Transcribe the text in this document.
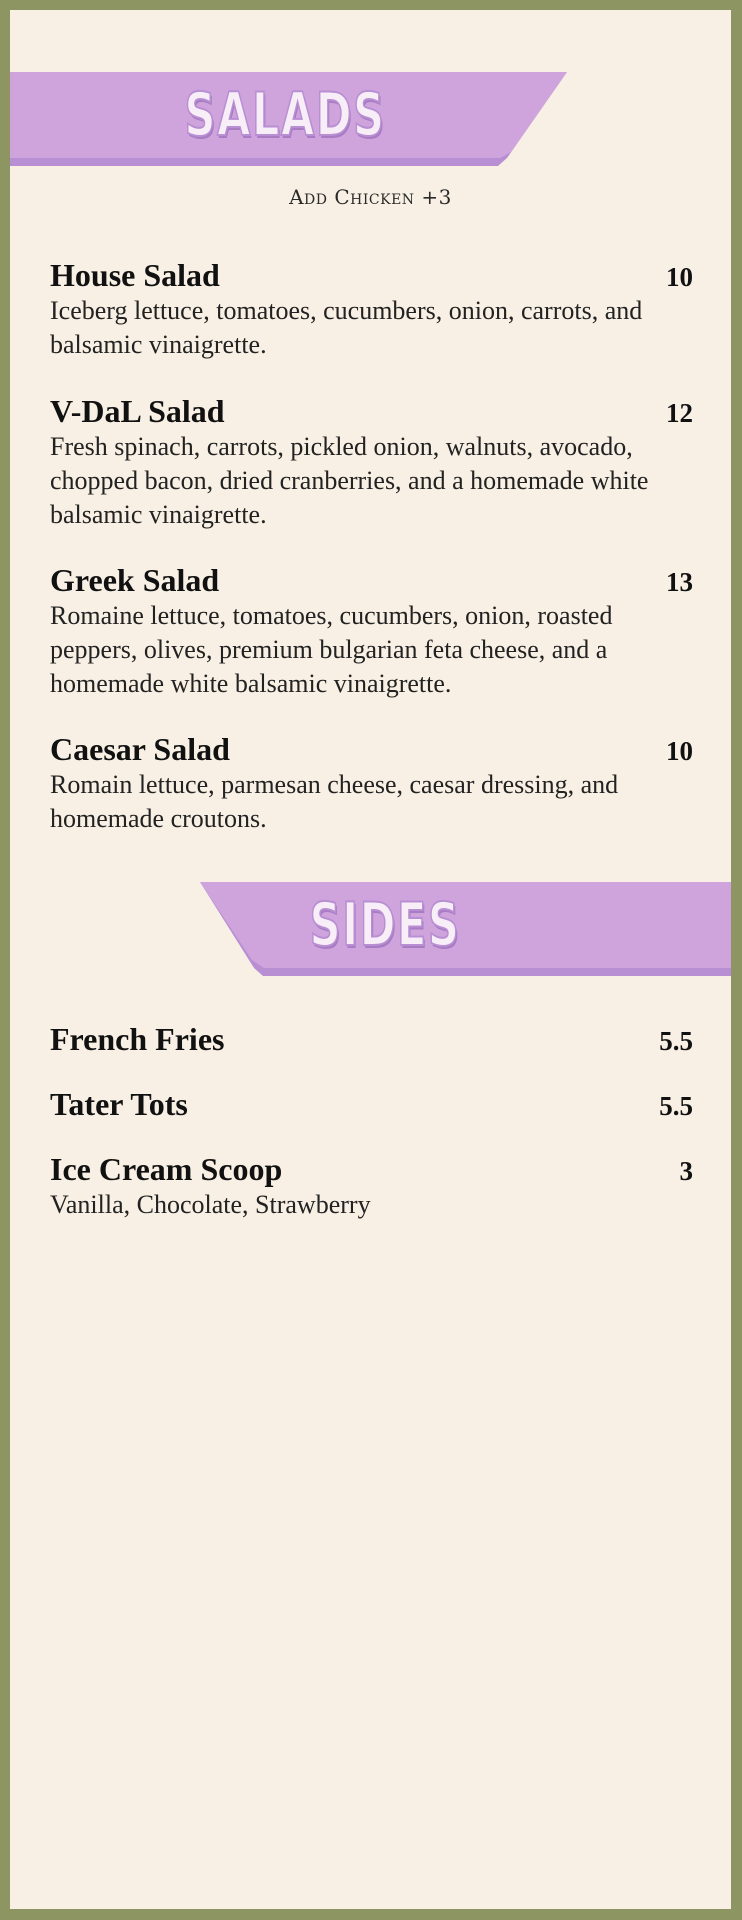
SALADS
Add Chicken +3
House Salad	10
Iceberg lettuce, tomatoes, cucumbers, onion, carrots, and balsamic vinaigrette.
V-DaL Salad	12
Fresh spinach, carrots, pickled onion, walnuts, avocado, chopped bacon, dried cranberries, and a homemade white balsamic vinaigrette.
Greek Salad	13
Romaine lettuce, tomatoes, cucumbers, onion, roasted peppers, olives, premium bulgarian feta cheese, and a homemade white balsamic vinaigrette.
Caesar Salad	10
Romain lettuce, parmesan cheese, caesar dressing, and homemade croutons.
SIDES
French Fries	5.5
Tater Tots	5.5
Ice Cream Scoop	3
Vanilla, Chocolate, Strawberry
